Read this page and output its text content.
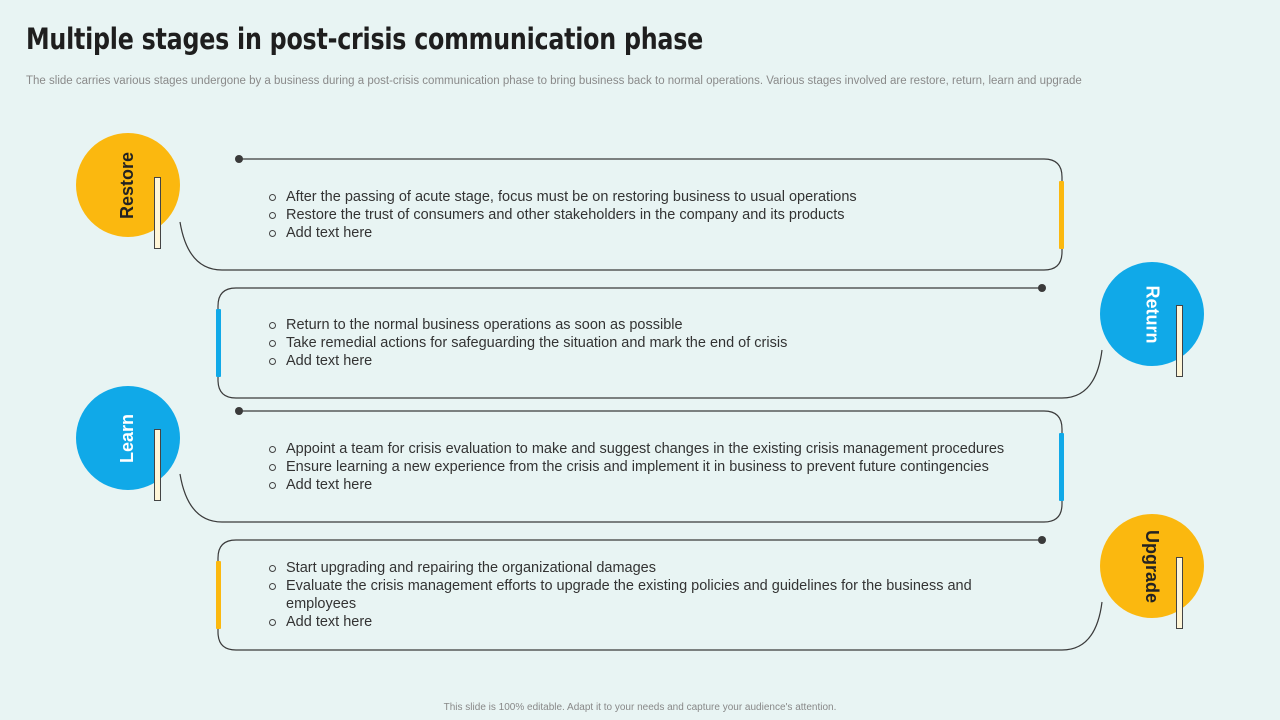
Multiple stages in post-crisis communication phase
The slide carries various stages undergone by a business during a post-crisis communication phase to bring business back to normal operations. Various stages involved are restore, return, learn and upgrade
Restore	After the passing of acute stage, focus must be on restoring business to usual operations
Restore the trust of consumers and other stakeholders in the company and its products
Add text here
Return
Return to the normal business operations as soon as possible
Take remedial actions for safeguarding the situation and mark the end of crisis
Add text here
Learn	Appoint a team for crisis evaluation to make and suggest changes in the existing crisis management procedures
Ensure learning a new experience from the crisis and implement it in business to prevent future contingencies
Add text here
Upgrade
Start upgrading and repairing the organizational damages
Evaluate the crisis management efforts to upgrade the existing policies and guidelines for the business and employees
Add text here
This slide is 100% editable. Adapt it to your needs and capture your audience's attention.
